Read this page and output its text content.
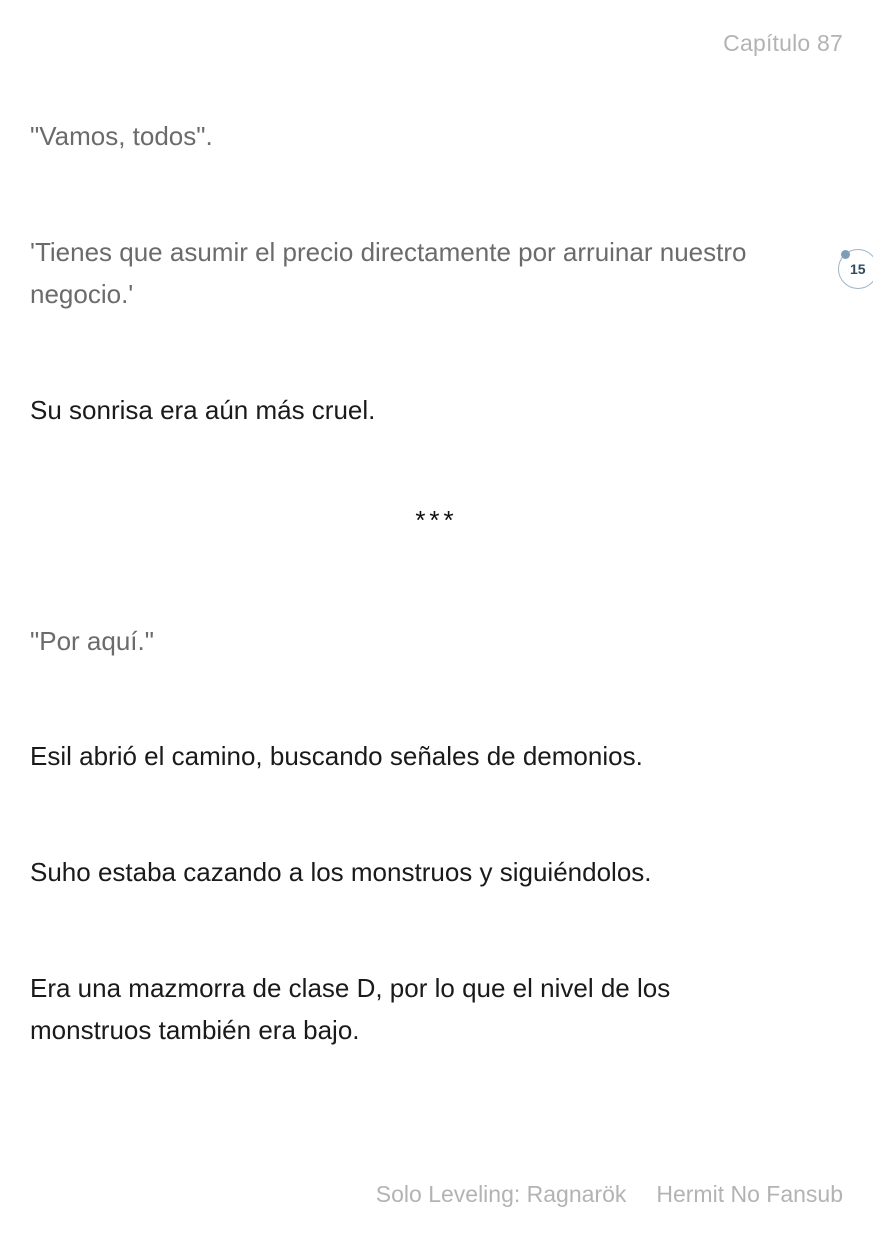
Capítulo 87
"Vamos, todos".
'Tienes que asumir el precio directamente por arruinar nuestro negocio.'
Su sonrisa era aún más cruel.
"Por aquí."
Esil abrió el camino, buscando señales de demonios.
Suho estaba cazando a los monstruos y siguiéndolos.
Era una mazmorra de clase D, por lo que el nivel de los monstruos también era bajo.
***
15
Solo Leveling: Ragnarök Hermit No Fansub
